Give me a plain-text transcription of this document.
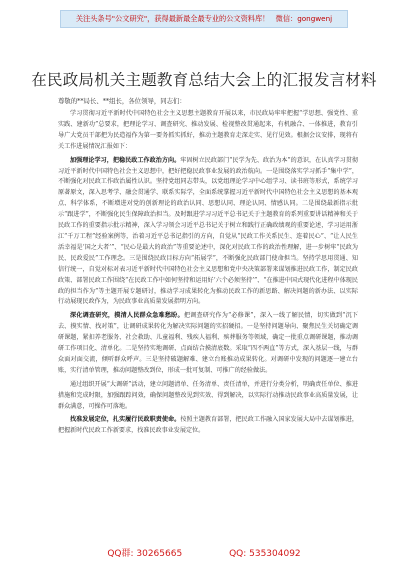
关注头条号"公文研究"，获得最新最全最专业的公文资料库！ 微信：gongwenj
在民政局机关主题教育总结大会上的汇报发言材料
尊敬的**局长、**组长，各位领导，同志们：

学习贯彻习近平新时代中国特色社会主义思想主题教育开展以来，市民政局牢牢把握“学思想、强党性、重实践、建新功”总要求，把理论学习、调查研究、推动发展、检视整改贯通起来，有机融合、一体推进，教育引导广大党员干部把为民造福作为第一要务抓实抓好，推动主题教育走深走实、见行见效。根据会议安排，现将有关工作进展情况汇报如下：

加强理论学习，把稳民政工作政治方向。牢固树立民政部门“民学为先、政治为本”的意识，在认真学习贯彻习近平新时代中国特色社会主义思想中，把好把稳民政事业发展的政治航向。一是围绕落实学习抓手“集中学”，不断强化对民政工作政治属性认识。坚持党组同志带头，以党组理论学习中心组学习、读书班等形式，系统学习原著原文，深入思考学、融会贯通学、联系实际学，全面系统掌握习近平新时代中国特色社会主义思想的基本观点、科学体系，不断增进对党的创新理论的政治认同、思想认同、理论认同、情感认同。二是围绕最新指示批示“跟进学”，不断强化民生保障政治担当。及时跟进学习习近平总书记关于主题教育的系列重要讲话精神和关于民政工作的重要指示批示精神，深入学习领会习近平总书记关于树立和践行正确政绩观的重要论述，学习运用浙江“千万工程”经验案例等，治着习近平总书记指引的方向，自觉从“民政工作关系民生、连着民心”、“让人民生活幸福是‘国之大者’”、“民心是最大的政治”等重要论述中，深化对民政工作的政治性理解，进一步树牢“民政为民、民政爱民”工作理念。三是围绕民政目标方向“拓展学”，不断强化民政部门使命担当。坚持学思用贯通、知信行统一，自觉对标对表习近平新时代中国特色社会主义思想和党中央决策部署来谋划推进民政工作，制定民政政策、部署民政工作围绕“在民政工作中如何坚持和运用好‘六个必须坚持’”、“在推进中国式现代化进程中体现民政的担当作为”等主题开展专题研讨，推动学习成果转化为推动民政工作的新思路、解决问题的新办法、以实际行动展现民政作为，为民政事业高质量发展指明方向。

深化调查研究，摸清人民群众急难愁盼。把调查研究作为“必修课”，深入一线了解民情，切实做到“沉下去、摸实情、找对策”，让调研成果转化为解决实际问题的实招硬招。一是坚持问题导向、聚焦民生关切确定调研课题，紧扣养老服务、社会救助、儿童福利、残疾人福利、殡葬服务等领域，确定一批重点调研课题，推动调研工作项目化、清单化。二是坚持实地调研、点面结合摸清底数。采取“四不两直”等方式，深入基层一线，与群众面对面交流，倾听群众呼声。三是坚持破题解难、建立台账推动成果转化。对调研中发现的问题逐一建立台账，实行清单管理，推动问题整改到位，形成一批可复制、可推广的经验做法。

通过组织开展“大调研”活动，建立问题清单、任务清单、责任清单，并进行分类分析，明确责任单位、推进措施和完成时限，加强跟踪问效，确保问题整改见到实效、得到解决，以实际行动推动民政事业高质量发展，让群众满意，可操作可落地。

找准发展定位，扎实履行民政职责使命。按照主题教育部署，把民政工作融入国家发展大局中去谋划推进，把握新时代民政工作新要求，找准民政事业发展定位。

QQ群: 30265665	QQ: 535304092
